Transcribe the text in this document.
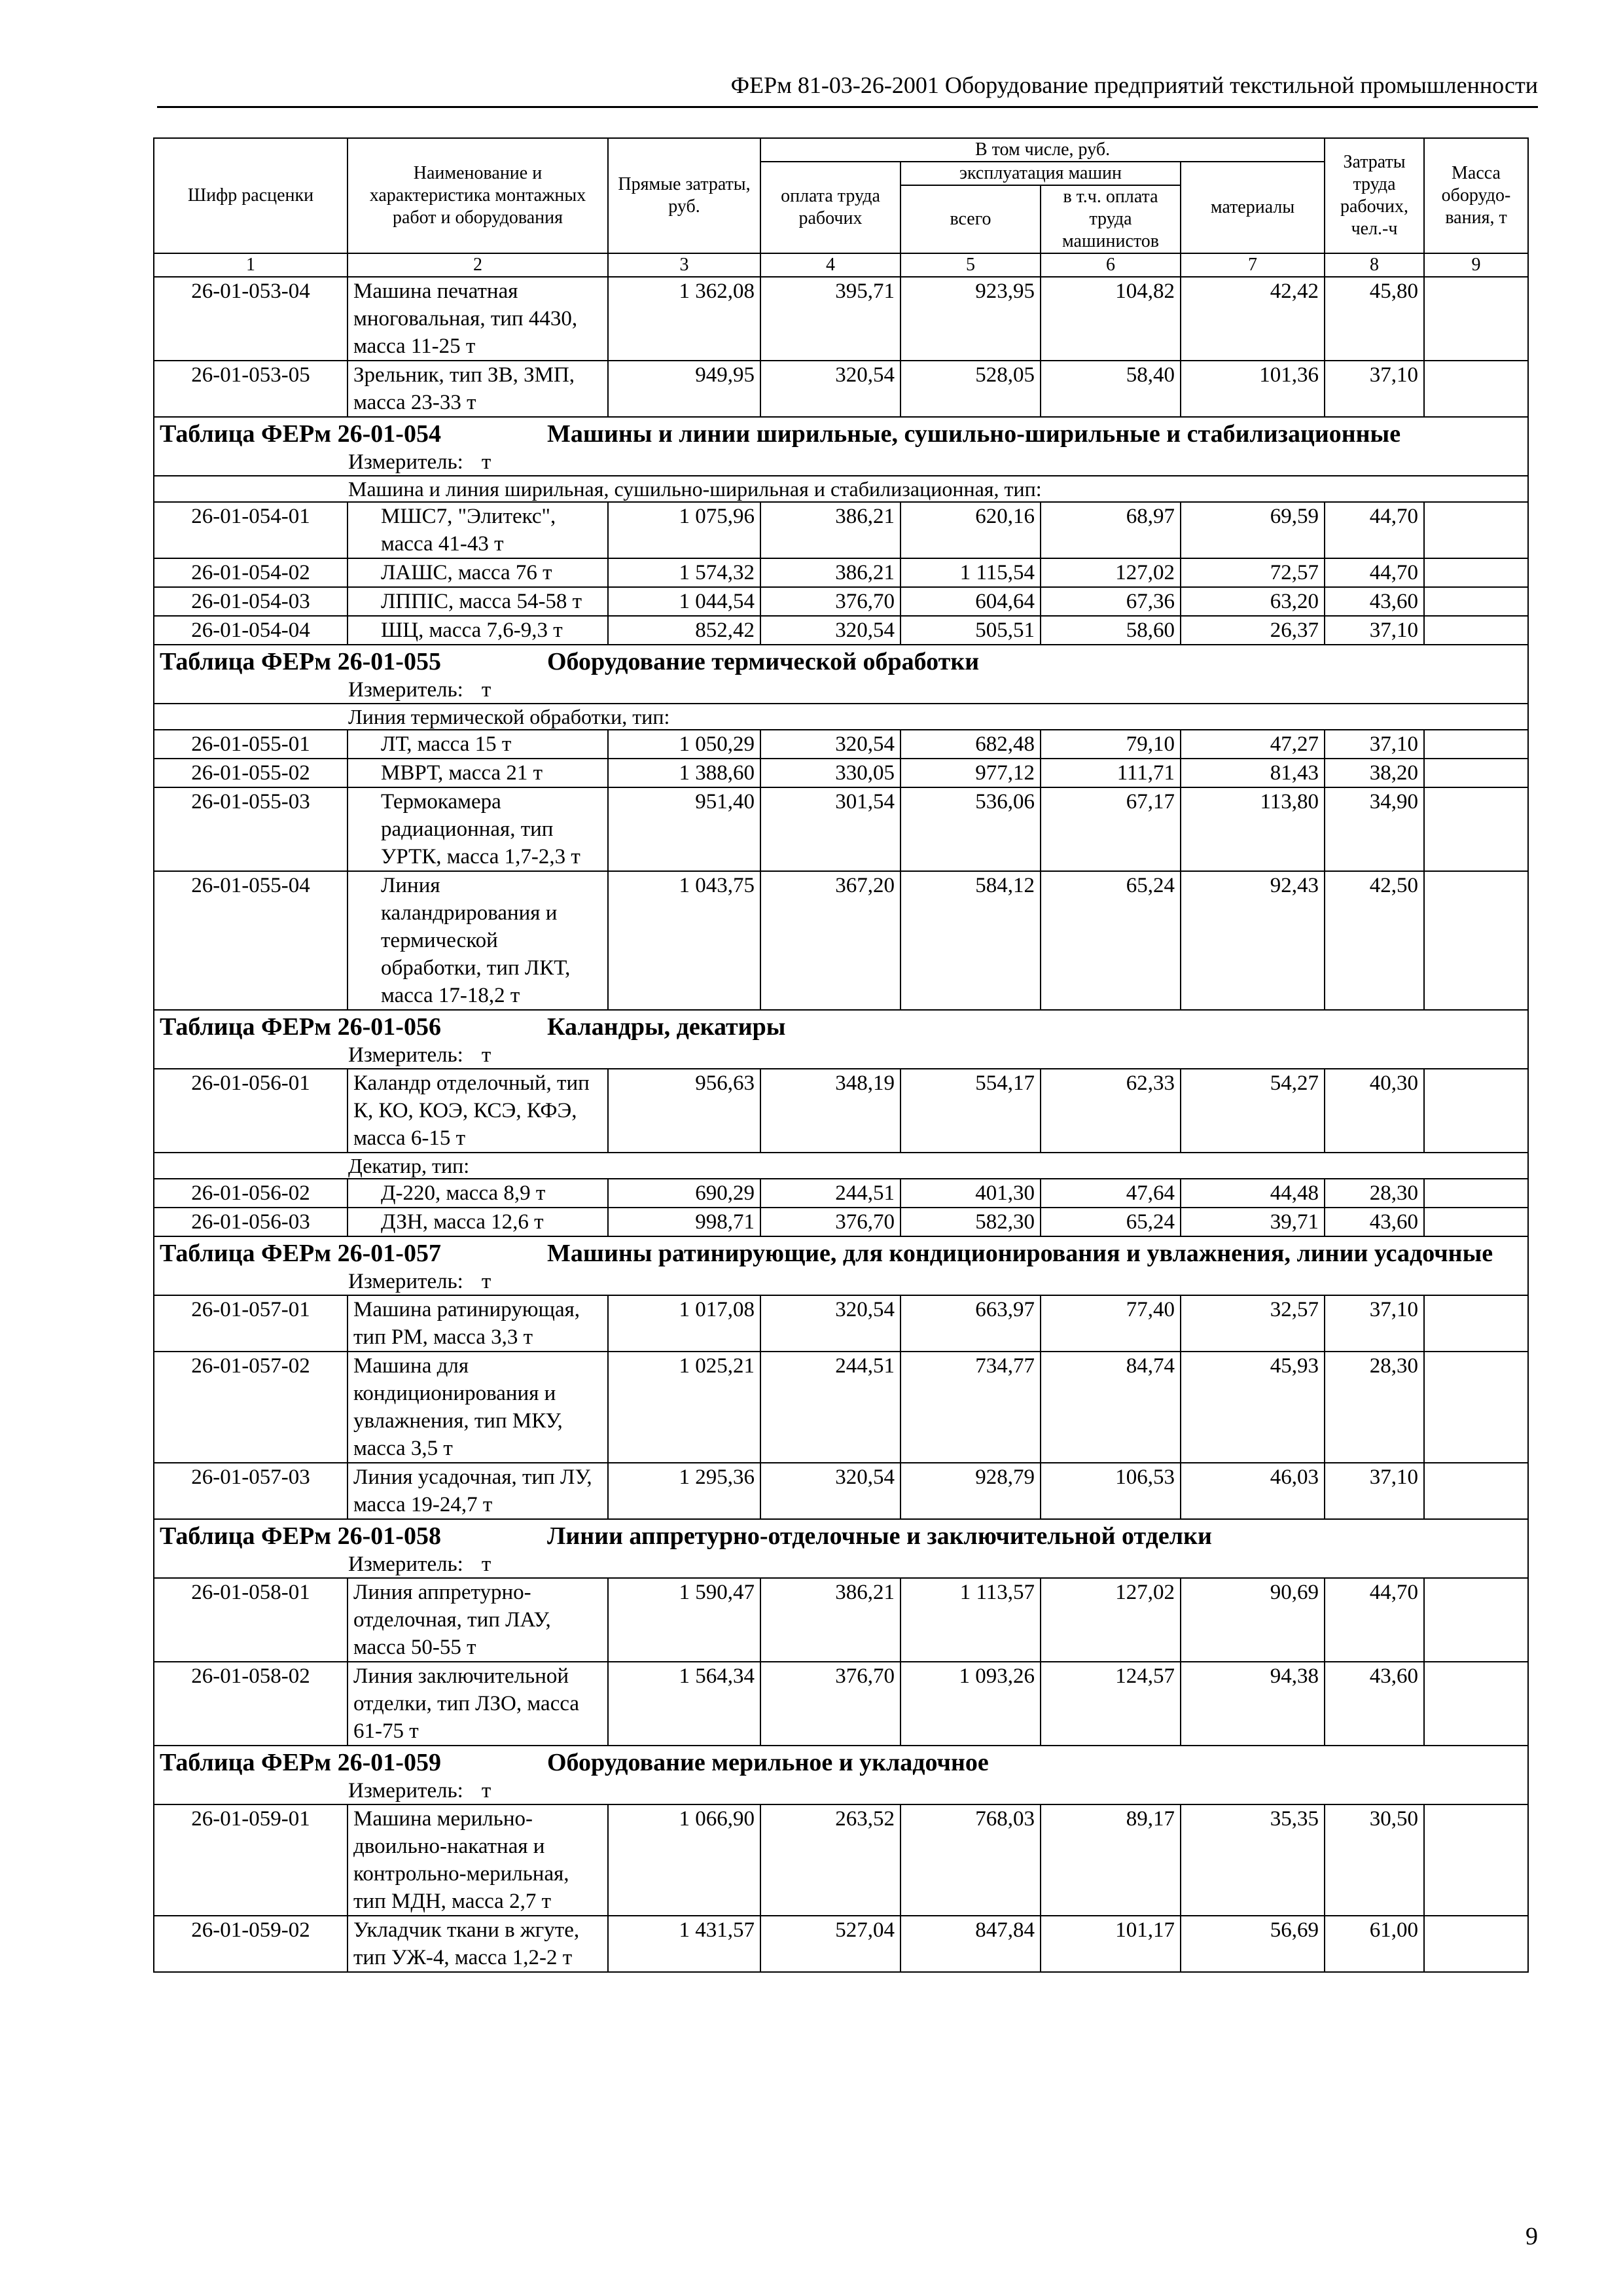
ФЕРм 81-03-26-2001 Оборудование предприятий текстильной промышленности
Шифр расценки	Наименование и характеристика монтажных работ и оборудования	Прямые затраты, руб.	В том числе, руб.				Затраты труда рабочих, чел.-ч	Масса оборудо-вания, т
			оплата труда рабочих	эксплуатация машин		материалы		
				всего	в т.ч. оплата труда машинистов			
1	2	3	4	5	6	7	8	9
26-01-053-04	Машина печатная многовальная, тип 4430, масса 11-25 т	1 362,08	395,71	923,95	104,82	42,42	45,80	
26-01-053-05	Зрельник, тип ЗВ, ЗМП, масса 23-33 т	949,95	320,54	528,05	58,40	101,36	37,10	

Таблица ФЕРм 26-01-054 Машины и линии ширильные, сушильно-ширильные и стабилизационные								

Измеритель: т								

Машина и линия ширильная, сушильно-ширильная и стабилизационная, тип:								
26-01-054-01	МШС7, "Элитекс", масса 41-43 т	1 075,96	386,21	620,16	68,97	69,59	44,70	
26-01-054-02	ЛАШС, масса 76 т	1 574,32	386,21	1 115,54	127,02	72,57	44,70	
26-01-054-03	ЛППІС, масса 54-58 т	1 044,54	376,70	604,64	67,36	63,20	43,60	
26-01-054-04	ШЦ, масса 7,6-9,3 т	852,42	320,54	505,51	58,60	26,37	37,10	

Таблица ФЕРм 26-01-055 Оборудование термической обработки								

Измеритель: т								

Линия термической обработки, тип:								
26-01-055-01	ЛТ, масса 15 т	1 050,29	320,54	682,48	79,10	47,27	37,10	
26-01-055-02	МВРТ, масса 21 т	1 388,60	330,05	977,12	111,71	81,43	38,20	
26-01-055-03	Термокамера радиационная, тип УРТК, масса 1,7-2,3 т	951,40	301,54	536,06	67,17	113,80	34,90	
26-01-055-04	Линия каландрирования и термической обработки, тип ЛКТ, масса 17-18,2 т	1 043,75	367,20	584,12	65,24	92,43	42,50	

Таблица ФЕРм 26-01-056 Каландры, декатиры								

Измеритель: т								

26-01-056-01	Каландр отделочный, тип К, КО, КОЭ, КСЭ, КФЭ, масса 6-15 т	956,63	348,19	554,17	62,33	54,27	40,30	
Декатир, тип:								
26-01-056-02	Д-220, масса 8,9 т	690,29	244,51	401,30	47,64	44,48	28,30	
26-01-056-03	ДЗН, масса 12,6 т	998,71	376,70	582,30	65,24	39,71	43,60	

Таблица ФЕРм 26-01-057 Машины ратинирующие, для кондиционирования и увлажнения, линии усадочные								

Измеритель: т								

26-01-057-01	Машина ратинирующая, тип РМ, масса 3,3 т	1 017,08	320,54	663,97	77,40	32,57	37,10	
26-01-057-02	Машина для кондиционирования и увлажнения, тип МКУ, масса 3,5 т	1 025,21	244,51	734,77	84,74	45,93	28,30	
26-01-057-03	Линия усадочная, тип ЛУ, масса 19-24,7 т	1 295,36	320,54	928,79	106,53	46,03	37,10	

Таблица ФЕРм 26-01-058 Линии аппретурно-отделочные и заключительной отделки								

Измеритель: т								

26-01-058-01	Линия аппретурно-отделочная, тип ЛАУ, масса 50-55 т	1 590,47	386,21	1 113,57	127,02	90,69	44,70	
26-01-058-02	Линия заключительной отделки, тип ЛЗО, масса 61-75 т	1 564,34	376,70	1 093,26	124,57	94,38	43,60	

Таблица ФЕРм 26-01-059 Оборудование мерильное и укладочное								

Измеритель: т								

26-01-059-01	Машина мерильно-двоильно-накатная и контрольно-мерильная, тип МДН, масса 2,7 т	1 066,90	263,52	768,03	89,17	35,35	30,50	
26-01-059-02	Укладчик ткани в жгуте, тип УЖ-4, масса 1,2-2 т	1 431,57	527,04	847,84	101,17	56,69	61,00	
9
